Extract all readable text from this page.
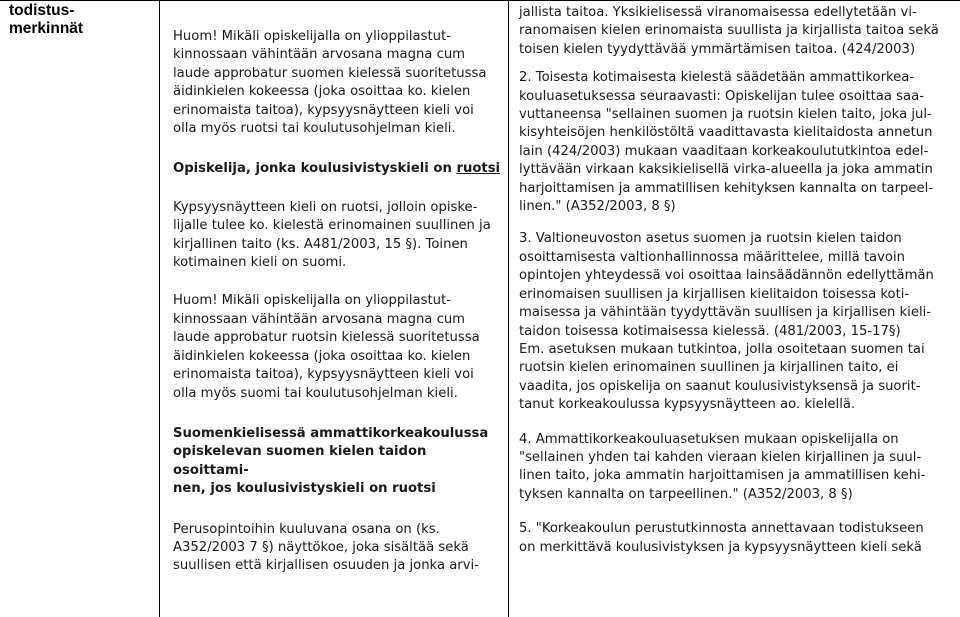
todistus-
merkinnät	Huom! Mikäli opiskelijalla on ylioppilastut-
kinnossaan vähintään arvosana magna cum
laude approbatur suomen kielessä suoritetussa
äidinkielen kokeessa (joka osoittaa ko. kielen
erinomaista taitoa), kypsyysnäytteen kieli voi
olla myös ruotsi tai koulutusohjelman kieli.
Opiskelija, jonka koulusivistyskieli on ruotsi
Kypsyysnäytteen kieli on ruotsi, jolloin opiske-
lijalle tulee ko. kielestä erinomainen suullinen ja
kirjallinen taito (ks. A481/2003, 15 §). Toinen
kotimainen kieli on suomi.
Huom! Mikäli opiskelijalla on ylioppilastut-
kinnossaan vähintään arvosana magna cum
laude approbatur ruotsin kielessä suoritetussa
äidinkielen kokeessa (joka osoittaa ko. kielen
erinomaista taitoa), kypsyysnäytteen kieli voi
olla myös suomi tai koulutusohjelman kieli.
Suomenkielisessä ammattikorkeakoulussa
opiskelevan suomen kielen taidon osoittami-
nen, jos koulusivistyskieli on ruotsi
Perusopintoihin kuuluvana osana on (ks.
A352/2003 7 §) näyttökoe, joka sisältää sekä
suullisen että kirjallisen osuuden ja jonka arvi-
jallista taitoa. Yksikielisessä viranomaisessa edellytetään vi-
ranomaisen kielen erinomaista suullista ja kirjallista taitoa sekä
toisen kielen tyydyttävää ymmärtämisen taitoa. (424/2003)
2. Toisesta kotimaisesta kielestä säädetään ammattikorkea-
kouluasetuksessa seuraavasti: Opiskelijan tulee osoittaa saa-
vuttaneensa "sellainen suomen ja ruotsin kielen taito, joka jul-
kisyhteisöjen henkilöstöltä vaadittavasta kielitaidosta annetun
lain (424/2003) mukaan vaaditaan korkeakoulututkintoa edel-
lyttävään virkaan kaksikielisellä virka-alueella ja joka ammatin
harjoittamisen ja ammatillisen kehityksen kannalta on tarpeel-
linen." (A352/2003, 8 §)
3. Valtioneuvoston asetus suomen ja ruotsin kielen taidon
osoittamisesta valtionhallinnossa määrittelee, millä tavoin
opintojen yhteydessä voi osoittaa lainsäädännön edellyttämän
erinomaisen suullisen ja kirjallisen kielitaidon toisessa koti-
maisessa ja vähintään tyydyttävän suullisen ja kirjallisen kieli-
taidon toisessa kotimaisessa kielessä. (481/2003, 15-17§)
Em. asetuksen mukaan tutkintoa, jolla osoitetaan suomen tai
ruotsin kielen erinomainen suullinen ja kirjallinen taito, ei
vaadita, jos opiskelija on saanut koulusivistyksensä ja suorit-
tanut korkeakoulussa kypsyysnäytteen ao. kielellä.
4. Ammattikorkeakouluasetuksen mukaan opiskelijalla on
"sellainen yhden tai kahden vieraan kielen kirjallinen ja suul-
linen taito, joka ammatin harjoittamisen ja ammatillisen kehi-
tyksen kannalta on tarpeellinen." (A352/2003, 8 §)
5. "Korkeakoulun perustutkinnosta annettavaan todistukseen
on merkittävä koulusivistyksen ja kypsyysnäytteen kieli sekä
